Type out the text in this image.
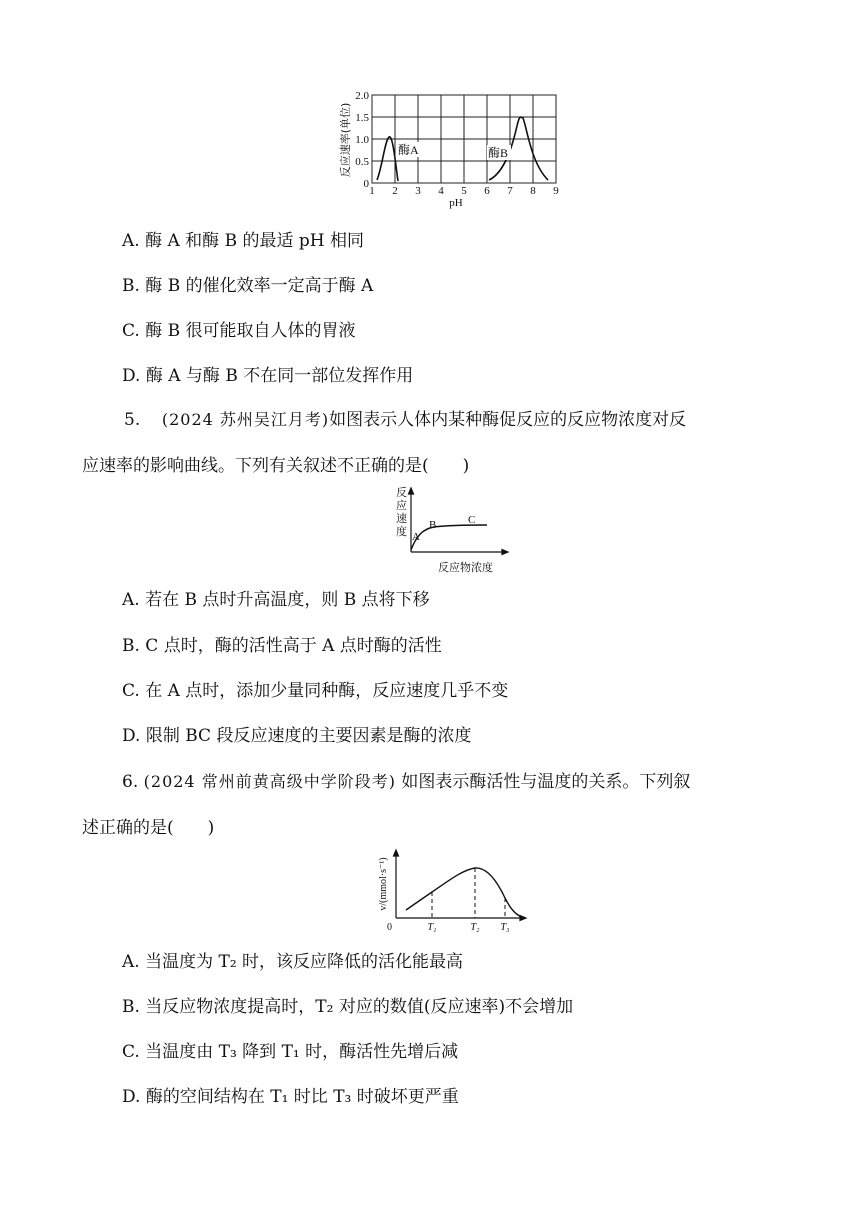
酶A	酶B
0
0.5
1.0
1.5
2.0
1 2 3 4 5 6 7 8 9
pH
反应速率(单位)
A. 酶 A 和酶 B 的最适 pH 相同
B. 酶 B 的催化效率一定高于酶 A
C. 酶 B 很可能取自人体的胃液
D. 酶 A 与酶 B 不在同一部位发挥作用
5. (2024 苏州吴江月考)如图表示人体内某种酶促反应的反应物浓度对反
应速率的影响曲线。下列有关叙述不正确的是(　　)
反
应
速
度 A
B	C
反应物浓度
A. 若在 B 点时升高温度，则 B 点将下移
B. C 点时，酶的活性高于 A 点时酶的活性
C. 在 A 点时，添加少量同种酶，反应速度几乎不变
D. 限制 BC 段反应速度的主要因素是酶的浓度
6. (2024 常州前黄高级中学阶段考) 如图表示酶活性与温度的关系。下列叙
述正确的是(　　)
0	T₁	T₂ T₃
v/(mmol·s⁻¹)
A. 当温度为 T₂ 时，该反应降低的活化能最高
B. 当反应物浓度提高时，T₂ 对应的数值(反应速率)不会增加
C. 当温度由 T₃ 降到 T₁ 时，酶活性先增后减
D. 酶的空间结构在 T₁ 时比 T₃ 时破坏更严重
